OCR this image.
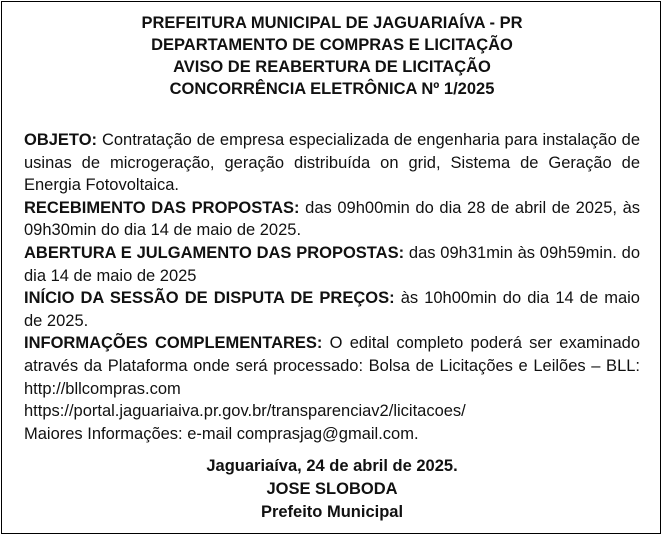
PREFEITURA MUNICIPAL DE JAGUARIAÍVA - PR
DEPARTAMENTO DE COMPRAS E LICITAÇÃO
AVISO DE REABERTURA DE LICITAÇÃO
CONCORRÊNCIA ELETRÔNICA Nº 1/2025

OBJETO: Contratação de empresa especializada de engenharia para instalação de usinas de microgeração, geração distribuída on grid, Sistema de Geração de Energia Fotovoltaica.

RECEBIMENTO DAS PROPOSTAS: das 09h00min do dia 28 de abril de 2025, às 09h30min do dia 14 de maio de 2025.

ABERTURA E JULGAMENTO DAS PROPOSTAS: das 09h31min às 09h59min. do dia 14 de maio de 2025

INÍCIO DA SESSÃO DE DISPUTA DE PREÇOS: às 10h00min do dia 14 de maio de 2025.

INFORMAÇÕES COMPLEMENTARES: O edital completo poderá ser examinado através da Plataforma onde será processado: Bolsa de Licitações e Leilões – BLL: http://bllcompras.com

https://portal.jaguariaiva.pr.gov.br/transparenciav2/licitacoes/

Maiores Informações: e-mail comprasjag@gmail.com.

Jaguariaíva, 24 de abril de 2025.
JOSE SLOBODA
Prefeito Municipal
